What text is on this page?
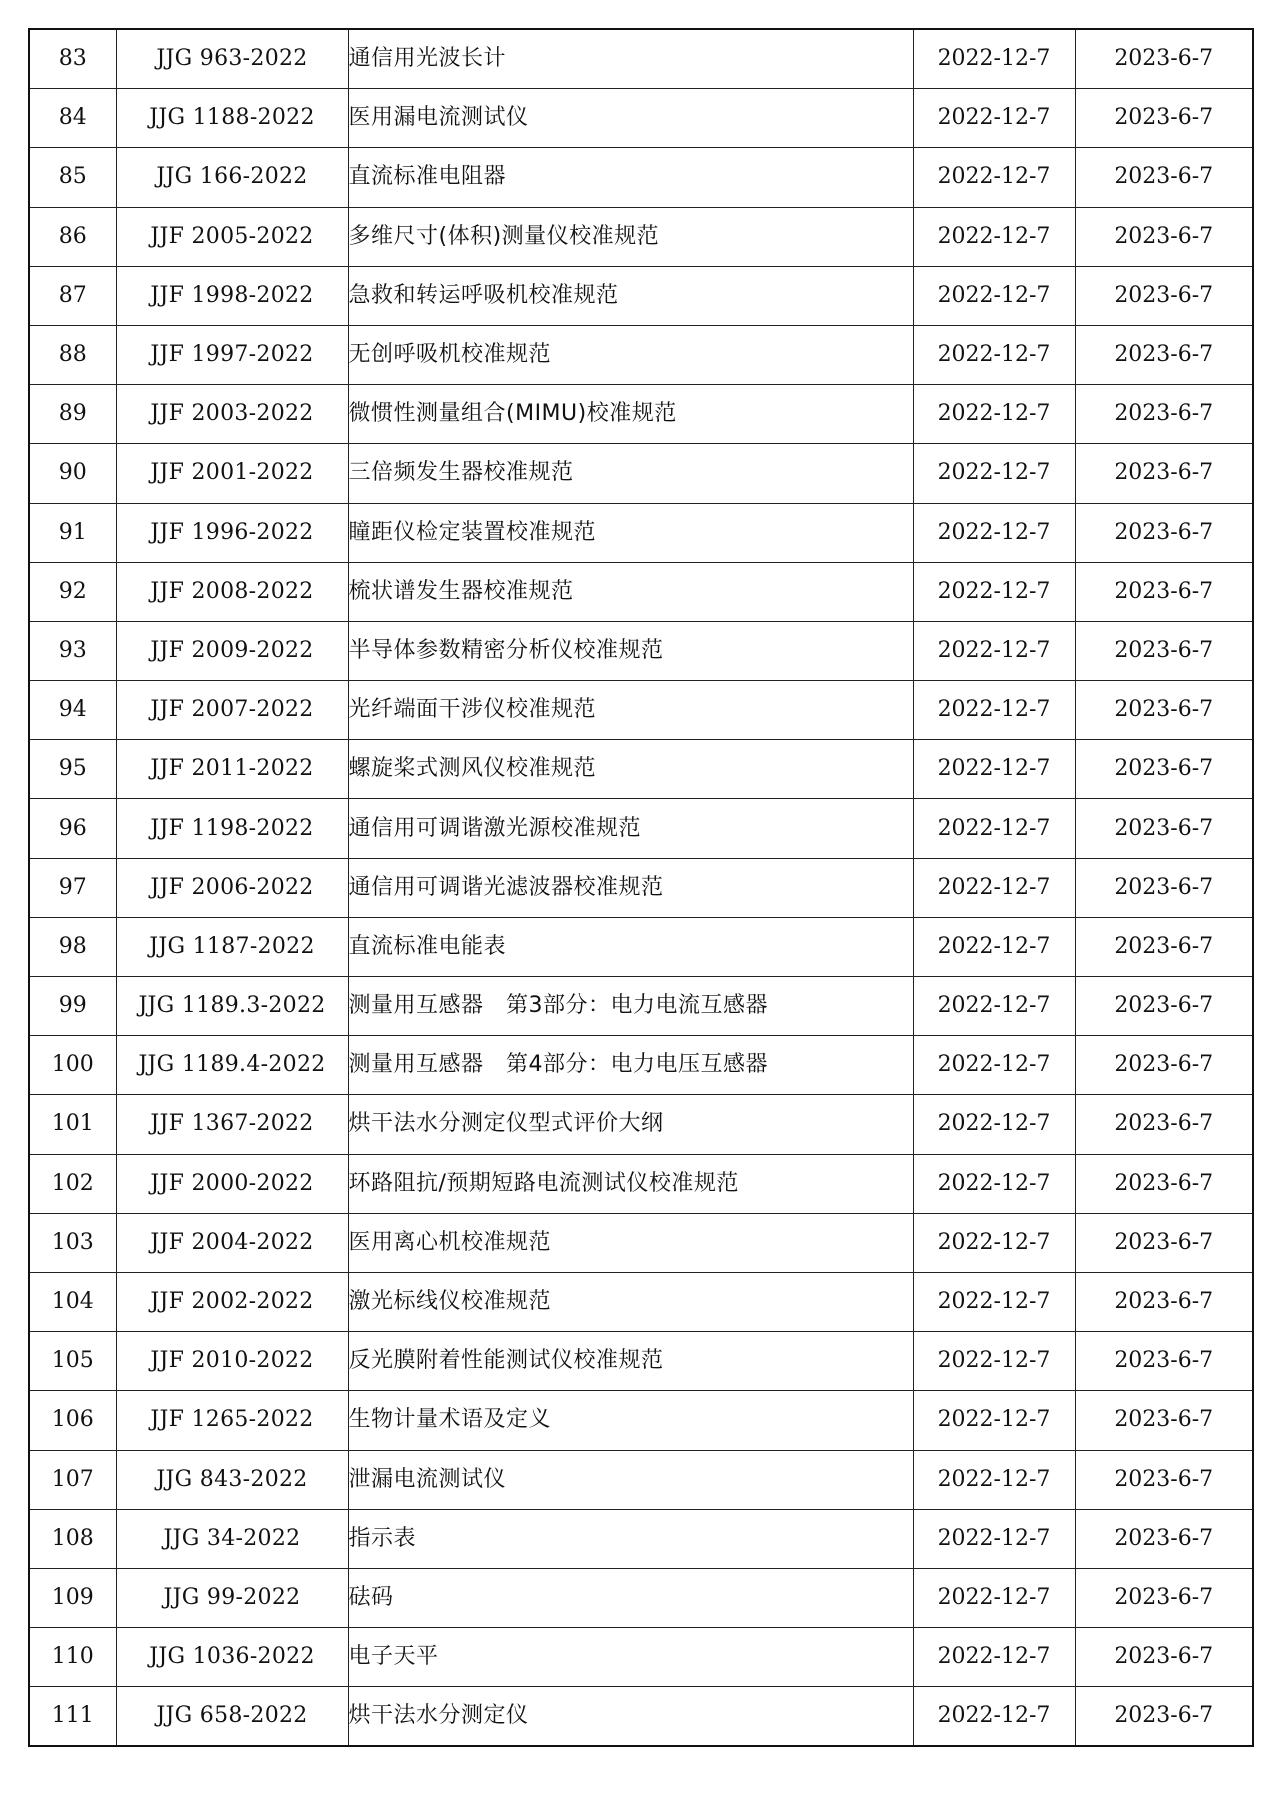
83	JJG 963-2022	通信用光波长计	2022-12-7	2023-6-7
84	JJG 1188-2022	医用漏电流测试仪	2022-12-7	2023-6-7
85	JJG 166-2022	直流标准电阻器	2022-12-7	2023-6-7
86	JJF 2005-2022	多维尺寸(体积)测量仪校准规范	2022-12-7	2023-6-7
87	JJF 1998-2022	急救和转运呼吸机校准规范	2022-12-7	2023-6-7
88	JJF 1997-2022	无创呼吸机校准规范	2022-12-7	2023-6-7
89	JJF 2003-2022	微惯性测量组合(MIMU)校准规范	2022-12-7	2023-6-7
90	JJF 2001-2022	三倍频发生器校准规范	2022-12-7	2023-6-7
91	JJF 1996-2022	瞳距仪检定装置校准规范	2022-12-7	2023-6-7
92	JJF 2008-2022	梳状谱发生器校准规范	2022-12-7	2023-6-7
93	JJF 2009-2022	半导体参数精密分析仪校准规范	2022-12-7	2023-6-7
94	JJF 2007-2022	光纤端面干涉仪校准规范	2022-12-7	2023-6-7
95	JJF 2011-2022	螺旋桨式测风仪校准规范	2022-12-7	2023-6-7
96	JJF 1198-2022	通信用可调谐激光源校准规范	2022-12-7	2023-6-7
97	JJF 2006-2022	通信用可调谐光滤波器校准规范	2022-12-7	2023-6-7
98	JJG 1187-2022	直流标准电能表	2022-12-7	2023-6-7
99	JJG 1189.3-2022	测量用互感器　第3部分：电力电流互感器	2022-12-7	2023-6-7
100	JJG 1189.4-2022	测量用互感器　第4部分：电力电压互感器	2022-12-7	2023-6-7
101	JJF 1367-2022	烘干法水分测定仪型式评价大纲	2022-12-7	2023-6-7
102	JJF 2000-2022	环路阻抗/预期短路电流测试仪校准规范	2022-12-7	2023-6-7
103	JJF 2004-2022	医用离心机校准规范	2022-12-7	2023-6-7
104	JJF 2002-2022	激光标线仪校准规范	2022-12-7	2023-6-7
105	JJF 2010-2022	反光膜附着性能测试仪校准规范	2022-12-7	2023-6-7
106	JJF 1265-2022	生物计量术语及定义	2022-12-7	2023-6-7
107	JJG 843-2022	泄漏电流测试仪	2022-12-7	2023-6-7
108	JJG 34-2022	指示表	2022-12-7	2023-6-7
109	JJG 99-2022	砝码	2022-12-7	2023-6-7
110	JJG 1036-2022	电子天平	2022-12-7	2023-6-7
111	JJG 658-2022	烘干法水分测定仪	2022-12-7	2023-6-7
